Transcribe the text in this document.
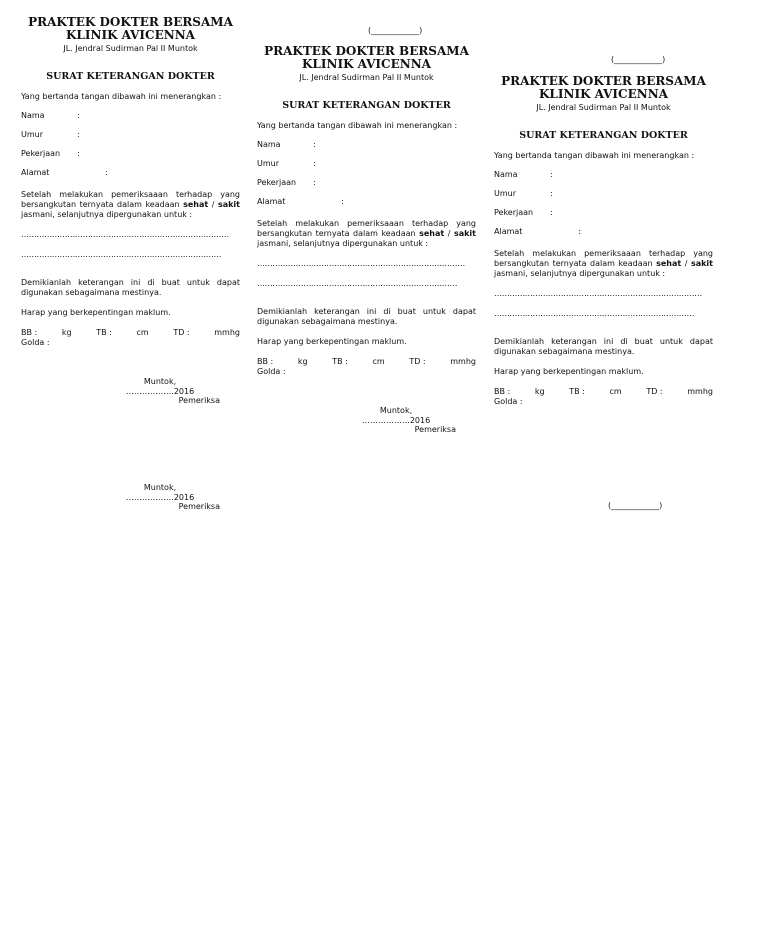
(____________)
(____________)
(____________)
PRAKTEK DOKTER BERSAMA
KLINIK AVICENNA
JL. Jendral Sudirman Pal II Muntok
SURAT KETERANGAN DOKTER
Yang bertanda tangan dibawah ini menerangkan :
Nama	:
Umur	:
Pekerjaan	:
Alamat	:
Setelah melakukan pemeriksaaan terhadap yang bersangkutan ternyata dalam keadaan sehat / sakit jasmani, selanjutnya dipergunakan untuk :
………………………………………………………………………
……………………………………………………………………
Demikianlah keterangan ini di buat untuk dapat digunakan sebagaimana mestinya.
Harap yang berkepentingan maklum.
BB :	kg	TB :	cm	TD :	mmhg
Golda :
PRAKTEK DOKTER BERSAMA
KLINIK AVICENNA
JL. Jendral Sudirman Pal II Muntok
SURAT KETERANGAN DOKTER
Yang bertanda tangan dibawah ini menerangkan :
Nama	:
Umur	:
Pekerjaan	:
Alamat	:
Setelah melakukan pemeriksaaan terhadap yang bersangkutan ternyata dalam keadaan sehat / sakit jasmani, selanjutnya dipergunakan untuk :
………………………………………………………………………
……………………………………………………………………
Demikianlah keterangan ini di buat untuk dapat digunakan sebagaimana mestinya.
Harap yang berkepentingan maklum.
BB :	kg	TB :	cm	TD :	mmhg
Golda :
PRAKTEK DOKTER BERSAMA
KLINIK AVICENNA
JL. Jendral Sudirman Pal II Muntok
SURAT KETERANGAN DOKTER
Yang bertanda tangan dibawah ini menerangkan :
Nama	:
Umur	:
Pekerjaan	:
Alamat	:
Setelah melakukan pemeriksaaan terhadap yang bersangkutan ternyata dalam keadaan sehat / sakit jasmani, selanjutnya dipergunakan untuk :
………………………………………………………………………
……………………………………………………………………
Demikianlah keterangan ini di buat untuk dapat digunakan sebagaimana mestinya.
Harap yang berkepentingan maklum.
BB :	kg	TB :	cm	TD :	mmhg
Golda :
Muntok,
………………2016
Pemeriksa
Muntok,
………………2016
Pemeriksa
Muntok,
………………2016
Pemeriksa
